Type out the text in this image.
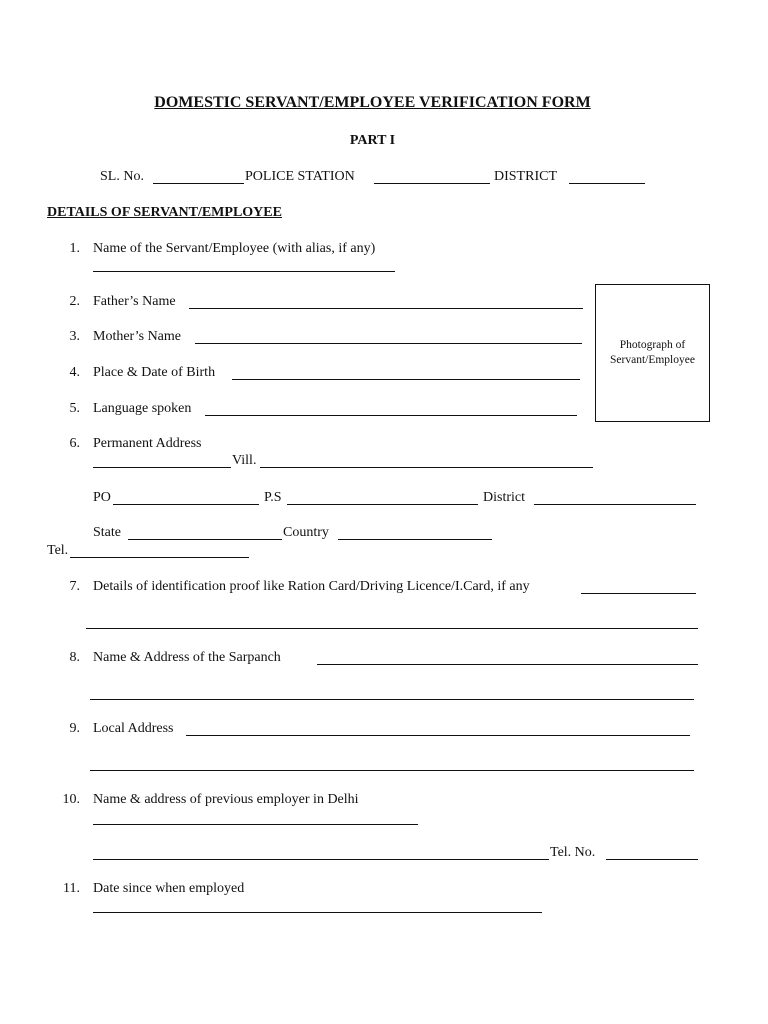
DOMESTIC SERVANT/EMPLOYEE VERIFICATION FORM
PART I
SL. No.	POLICE STATION	DISTRICT
DETAILS OF SERVANT/EMPLOYEE
1. Name of the Servant/Employee (with alias, if any)
Photograph of
Servant/Employee
2. Father’s Name
3. Mother’s Name
4. Place & Date of Birth
5. Language spoken
6. Permanent Address
Vill.
PO	P.S	District
State	Country
Tel.
7. Details of identification proof like Ration Card/Driving Licence/I.Card, if any
8. Name & Address of the Sarpanch
9. Local Address
10. Name & address of previous employer in Delhi
Tel. No.
11. Date since when employed
